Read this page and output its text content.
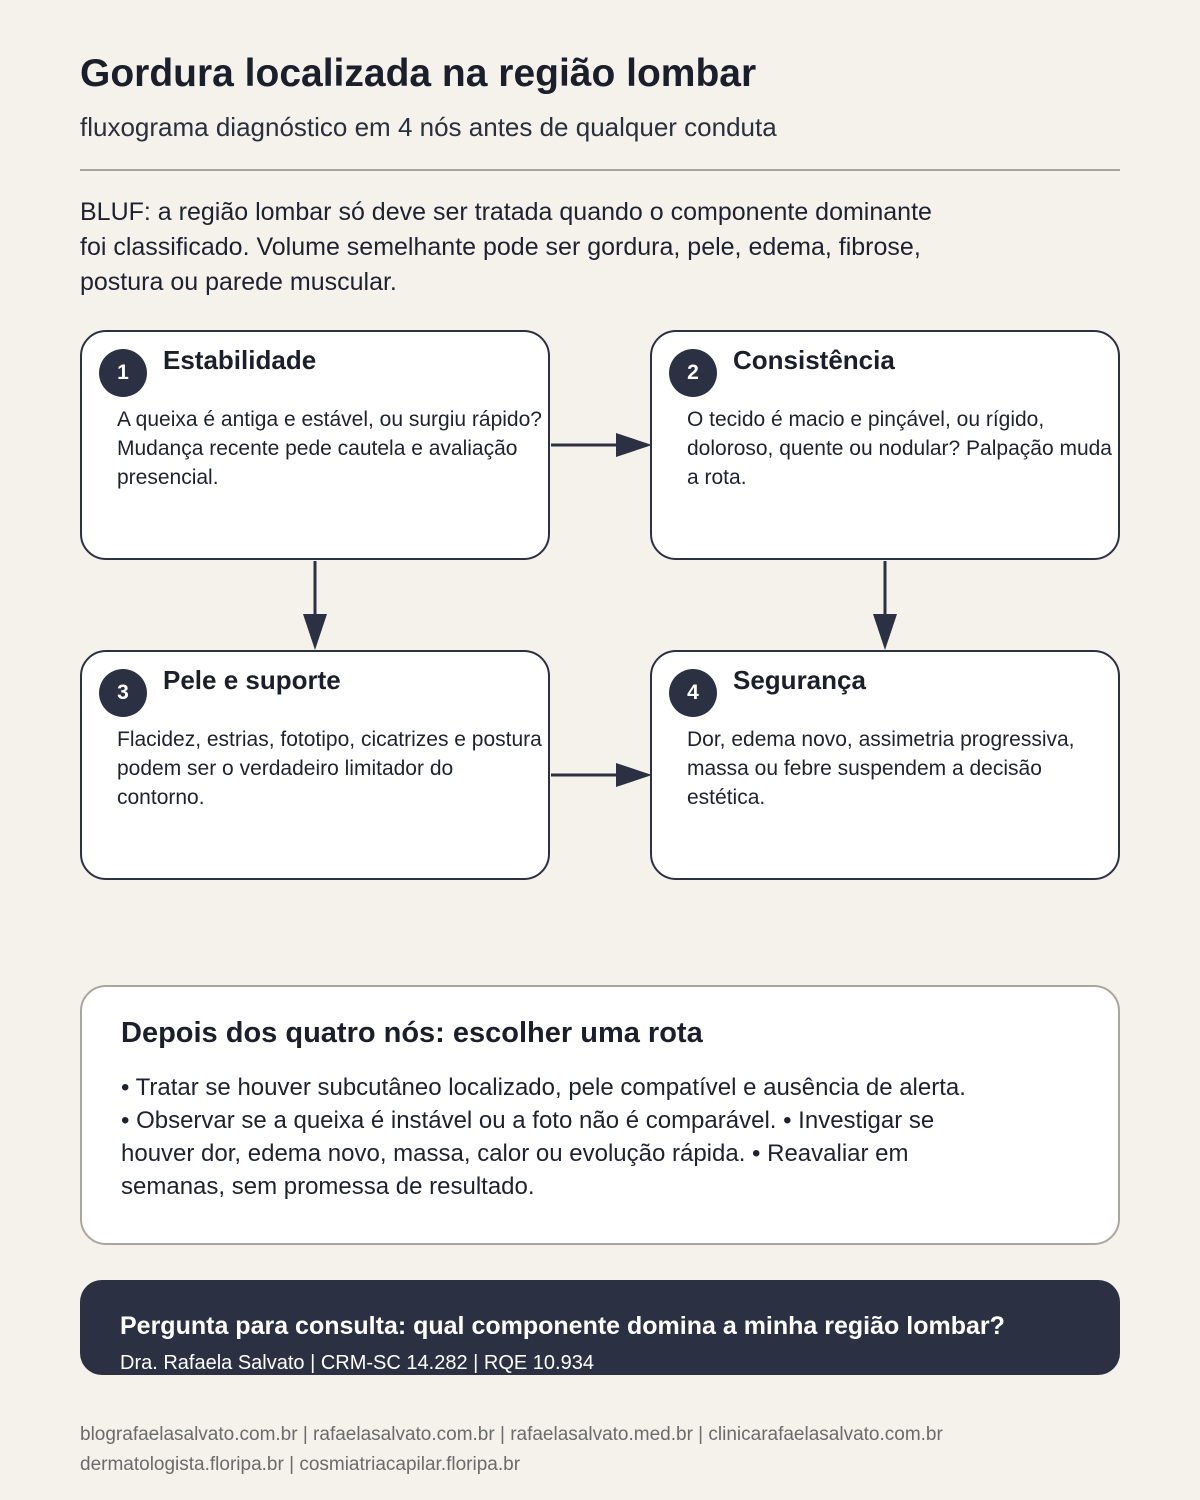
Gordura localizada na região lombar
fluxograma diagnóstico em 4 nós antes de qualquer conduta
BLUF: a região lombar só deve ser tratada quando o componente dominante foi classificado. Volume semelhante pode ser gordura, pele, edema, fibrose, postura ou parede muscular.
1	Estabilidade
A queixa é antiga e estável, ou surgiu rápido? Mudança recente pede cautela e avaliação presencial.
2	Consistência
O tecido é macio e pinçável, ou rígido, doloroso, quente ou nodular? Palpação muda a rota.
3	Pele e suporte
Flacidez, estrias, fototipo, cicatrizes e postura podem ser o verdadeiro limitador do contorno.
4	Segurança
Dor, edema novo, assimetria progressiva, massa ou febre suspendem a decisão estética.
Depois dos quatro nós: escolher uma rota
• Tratar se houver subcutâneo localizado, pele compatível e ausência de alerta. • Observar se a queixa é instável ou a foto não é comparável. • Investigar se houver dor, edema novo, massa, calor ou evolução rápida. • Reavaliar em semanas, sem promessa de resultado.
Pergunta para consulta: qual componente domina a minha região lombar?
Dra. Rafaela Salvato | CRM-SC 14.282 | RQE 10.934
blografaelasalvato.com.br | rafaelasalvato.com.br | rafaelasalvato.med.br | clinicarafaelasalvato.com.br
dermatologista.floripa.br | cosmiatriacapilar.floripa.br
